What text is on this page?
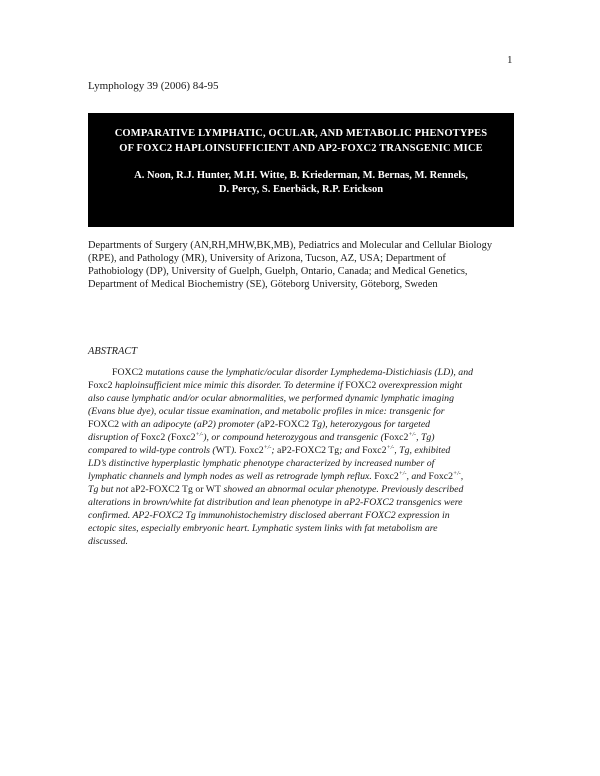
1
Lymphology 39 (2006) 84-95
COMPARATIVE LYMPHATIC, OCULAR, AND METABOLIC PHENOTYPES
OF FOXC2 HAPLOINSUFFICIENT AND AP2-FOXC2 TRANSGENIC MICE
A. Noon, R.J. Hunter, M.H. Witte, B. Kriederman, M. Bernas, M. Rennels,
D. Percy, S. Enerbäck, R.P. Erickson
Departments of Surgery (AN,RH,MHW,BK,MB), Pediatrics and Molecular and Cellular Biology
(RPE), and Pathology (MR), University of Arizona, Tucson, AZ, USA; Department of
Pathobiology (DP), University of Guelph, Guelph, Ontario, Canada; and Medical Genetics,
Department of Medical Biochemistry (SE), Göteborg University, Göteborg, Sweden
ABSTRACT
FOXC2 mutations cause the lymphatic/ocular disorder Lymphedema-Distichiasis (LD), and
Foxc2 haploinsufficient mice mimic this disorder. To determine if FOXC2 overexpression might
also cause lymphatic and/or ocular abnormalities, we performed dynamic lymphatic imaging
(Evans blue dye), ocular tissue examination, and metabolic profiles in mice: transgenic for
FOXC2 with an adipocyte (aP2) promoter (aP2-FOXC2 Tg), heterozygous for targeted
disruption of Foxc2 (Foxc2+/-), or compound heterozygous and transgenic (Foxc2+/-, Tg)
compared to wild-type controls (WT). Foxc2+/-; aP2-FOXC2 Tg; and Foxc2+/-, Tg, exhibited
LD’s distinctive hyperplastic lymphatic phenotype characterized by increased number of
lymphatic channels and lymph nodes as well as retrograde lymph reflux. Foxc2+/-, and Foxc2+/-,
Tg but not aP2-FOXC2 Tg or WT showed an abnormal ocular phenotype. Previously described
alterations in brown/white fat distribution and lean phenotype in aP2-FOXC2 transgenics were
confirmed. AP2-FOXC2 Tg immunohistochemistry disclosed aberrant FOXC2 expression in
ectopic sites, especially embryonic heart. Lymphatic system links with fat metabolism are
discussed.
